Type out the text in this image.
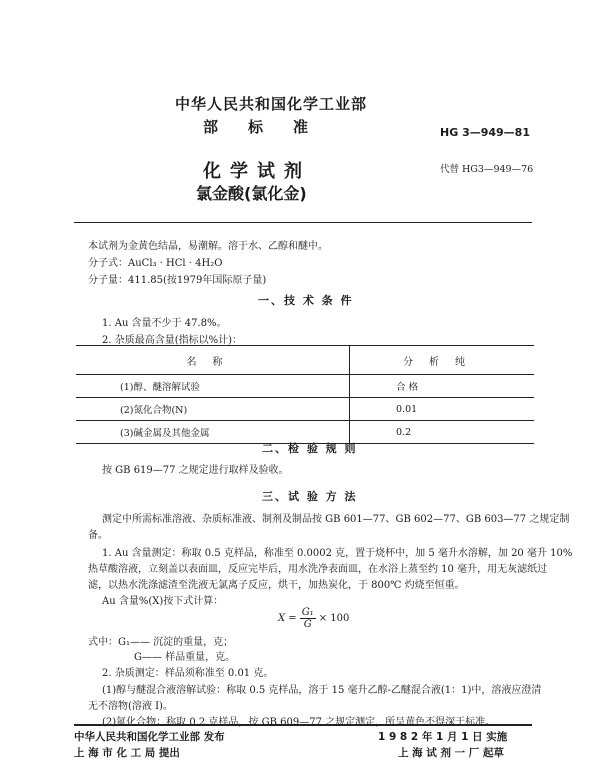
中华人民共和国化学工业部
部标准	HG 3—949—81
化学试剂
氯金酸(氯化金)
代替 HG3—949—76
本试剂为金黄色结晶，易潮解。溶于水、乙醇和醚中。
分子式：AuCl₃ · HCl · 4H₂O
分子量：411.85(按1979年国际原子量)
一、技 术 条 件
1. Au 含量不少于 47.8%。
2. 杂质最高含量(指标以%计)：
名称	分析纯
(1)醇、醚溶解试验	合 格
(2)氮化合物(N)	0.01
(3)碱金属及其他金属	0.2
二、检 验 规 则
按 GB 619—77 之规定进行取样及验收。
三、试 验 方 法
测定中所需标准溶液、杂质标准液、制剂及制品按 GB 601—77、GB 602—77、GB 603—77 之规定制
备。
1. Au 含量测定：称取 0.5 克样品，称准至 0.0002 克，置于烧杯中，加 5 毫升水溶解，加 20 毫升 10%
热草酸溶液，立刻盖以表面皿，反应完毕后，用水洗净表面皿，在水浴上蒸至约 10 毫升，用无灰滤纸过
滤，以热水洗涤滤渣至洗液无氯离子反应，烘干，加热炭化，于 800℃ 灼烧至恒重。
Au 含量%(X)按下式计算：
$X = \frac{\text{G₁}}{G} \times 100$
式中：G₁—— 沉淀的重量，克；
G—— 样品重量，克。
2. 杂质测定：样品须称准至 0.01 克。
(1)醇与醚混合液溶解试验：称取 0.5 克样品，溶于 15 毫升乙醇-乙醚混合液(1：1)中，溶液应澄清
无不溶物(溶液 I)。
(2)氮化合物：称取 0.2 克样品，按 GB 609—77 之规定测定，所呈黄色不得深于标准。
中华人民共和国化学工业部 发布
上 海 市 化 工 局 提出
1 9 8 2 年 1 月 1 日 实施
上 海 试 剂 一 厂 起草
